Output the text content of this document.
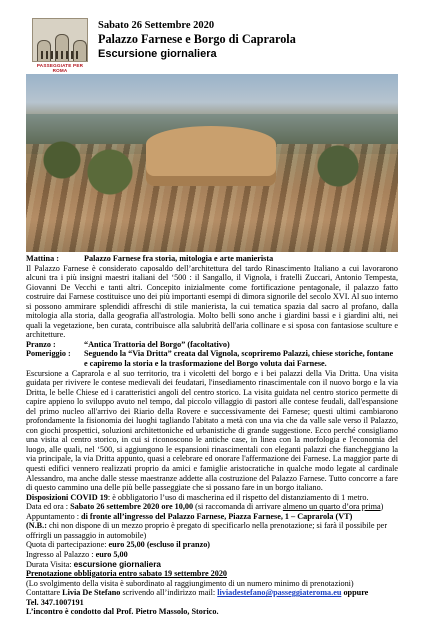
PASSEGGIATE PER ROMA
Sabato 26 Settembre 2020
Palazzo Farnese e Borgo di Caprarola
Escursione giornaliera
Mattina :	Palazzo Farnese fra storia, mitologia e arte manierista

Il Palazzo Farnese è considerato caposaldo dell’architettura del tardo Rinascimento Italiano a cui lavorarono alcuni tra i più insigni maestri italiani del ‘500 : il Sangallo, il Vignola, i fratelli Zuccari, Antonio Tempesta, Giovanni De Vecchi e tanti altri. Concepito inizialmente come fortificazione pentagonale, il palazzo fatto costruire dai Farnese costituisce uno dei più importanti esempi di dimora signorile del secolo XVI. Al suo interno si possono ammirare splendidi affreschi di stile manierista, la cui tematica spazia dal sacro al profano, dalla mitologia alla storia, dalla geografia all'astrologia. Molto belli sono anche i giardini bassi e i giardini alti, nei quali la vegetazione, ben curata, contribuisce alla salubrità dell'aria collinare e si sposa con fantasiose sculture e architetture.

Pranzo :	“Antica Trattoria del Borgo” (facoltativo)
Pomeriggio :	Seguendo la “Via Dritta” creata dal Vignola, scopriremo Palazzi, chiese storiche, fontane e capiremo la storia e la trasformazione del Borgo voluta dai Farnese.

Escursione a Caprarola e al suo territorio, tra i vicoletti del borgo e i bei palazzi della Via Dritta. Una visita guidata per rivivere le contese medievali dei feudatari, l'insediamento rinascimentale con il nuovo borgo e la via Dritta, le belle Chiese ed i caratteristici angoli del centro storico. La visita guidata nel centro storico permette di capire appieno lo sviluppo avuto nel tempo, dal piccolo villaggio di pastori alle contese feudali, dall'espansione del primo nucleo all'arrivo dei Riario della Rovere e successivamente dei Farnese; questi ultimi cambiarono profondamente la fisionomia dei luoghi tagliando l'abitato a metà con una via che da valle sale verso il Palazzo, con giochi prospettici, soluzioni architettoniche ed urbanistiche di grande suggestione. Ecco perché consigliamo una visita al centro storico, in cui si riconoscono le antiche case, in linea con la morfologia e l'economia del luogo, alle quali, nel ‘500, si aggiungono le espansioni rinascimentali con eleganti palazzi che fiancheggiano la via principale, la via Dritta appunto, quasi a celebrare ed onorare l'affermazione dei Farnese. La maggior parte di questi edifici vennero realizzati proprio da amici e famiglie aristocratiche in qualche modo legate al cardinale Alessandro, ma anche dalle stesse maestranze addette alla costruzione del Palazzo Farnese. Tutto concorre a fare di questo cammino una delle più belle passeggiate che si possano fare in un borgo italiano.

Disposizioni COVID 19: è obbligatorio l’uso di mascherina ed il rispetto del distanziamento di 1 metro.

Data ed ora : Sabato 26 settembre 2020 ore 10,00 (si raccomanda di arrivare almeno un quarto d’ora prima)

Appuntamento : di fronte all’ingresso del Palazzo Farnese, Piazza Farnese, 1 – Caprarola (VT)

(N.B.: chi non dispone di un mezzo proprio è pregato di specificarlo nella prenotazione; si farà il possibile per offrirgli un passaggio in automobile)

Quota di partecipazione: euro 25,00 (escluso il pranzo)

Ingresso al Palazzo : euro 5,00

Durata Visita: escursione giornaliera

Prenotazione obbligatoria entro sabato 19 settembre 2020

(Lo svolgimento della visita è subordinato al raggiungimento di un numero minimo di prenotazioni)

Contattare Livia De Stefano scrivendo all’indirizzo mail: liviadestefano@passeggiateroma.eu oppure

Tel. 347.1007191

L’incontro è condotto dal Prof. Pietro Massolo, Storico.
